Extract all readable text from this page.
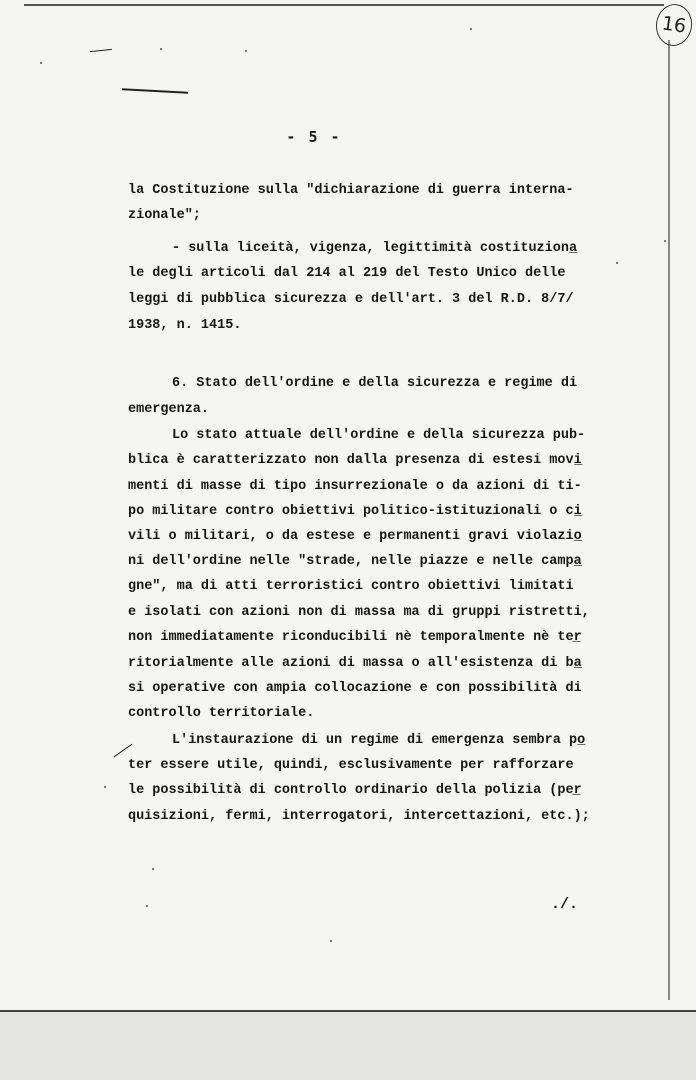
16
- 5 -
la Costituzione sulla "dichiarazione di guerra interna-
zionale";
- sulla liceità, vigenza, legittimità costituziona̲
le degli articoli dal 214 al 219 del Testo Unico delle
leggi di pubblica sicurezza e dell'art. 3 del R.D. 8/7/
1938, n. 1415.
6. Stato dell'ordine e della sicurezza e regime di
emergenza.
Lo stato attuale dell'ordine e della sicurezza pub-
blica è caratterizzato non dalla presenza di estesi movi̲
menti di masse di tipo insurrezionale o da azioni di ti-
po militare contro obiettivi politico-istituzionali o ci̲
vili o militari, o da estese e permanenti gravi violazio̲
ni dell'ordine nelle "strade, nelle piazze e nelle campa̲
gne", ma di atti terroristici contro obiettivi limitati
e isolati con azioni non di massa ma di gruppi ristretti,
non immediatamente riconducibili nè temporalmente nè ter̲
ritorialmente alle azioni di massa o all'esistenza di ba̲
si operative con ampia collocazione e con possibilità di
controllo territoriale.
L'instaurazione di un regime di emergenza sembra po̲
ter essere utile, quindi, esclusivamente per rafforzare
le possibilità di controllo ordinario della polizia (per̲
quisizioni, fermi, interrogatori, intercettazioni, etc.);
./.
